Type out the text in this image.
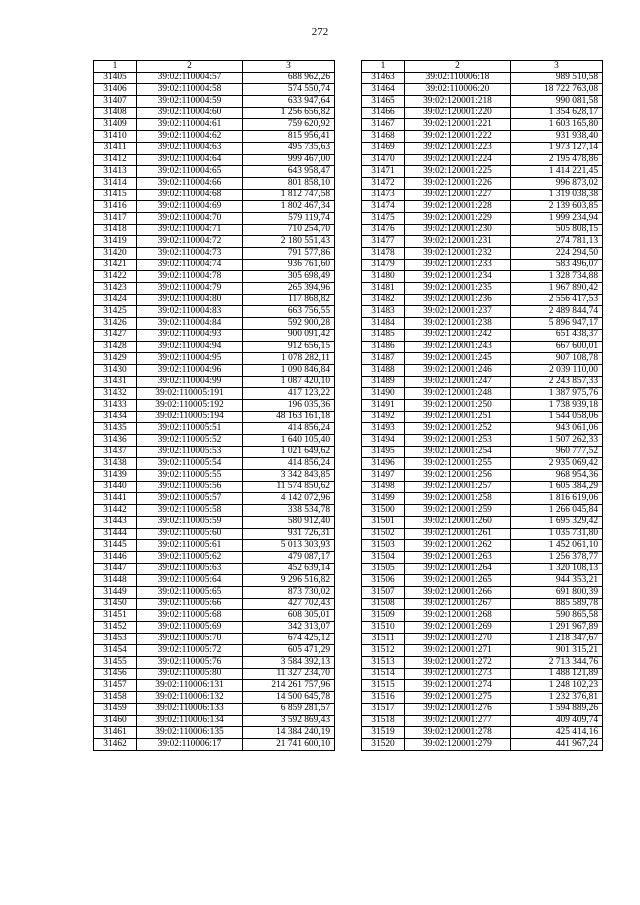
272
1	2	3
31405	39:02:110004:57	688 962,26
31406	39:02:110004:58	574 550,74
31407	39:02:110004:59	633 947,64
31408	39:02:110004:60	1 256 656,82
31409	39:02:110004:61	759 620,92
31410	39:02:110004:62	815 956,41
31411	39:02:110004:63	495 735,63
31412	39:02:110004:64	999 467,00
31413	39:02:110004:65	643 958,47
31414	39:02:110004:66	801 858,10
31415	39:02:110004:68	1 812 747,58
31416	39:02:110004:69	1 802 467,34
31417	39:02:110004:70	579 119,74
31418	39:02:110004:71	710 254,70
31419	39:02:110004:72	2 180 551,43
31420	39:02:110004:73	791 577,86
31421	39:02:110004:74	936 761,60
31422	39:02:110004:78	305 698,49
31423	39:02:110004:79	265 394,96
31424	39:02:110004:80	117 868,82
31425	39:02:110004:83	663 756,55
31426	39:02:110004:84	592 900,28
31427	39:02:110004:93	900 091,42
31428	39:02:110004:94	912 656,15
31429	39:02:110004:95	1 078 282,11
31430	39:02:110004:96	1 090 846,84
31431	39:02:110004:99	1 087 420,10
31432	39:02:110005:191	417 123,22
31433	39:02:110005:192	196 035,36
31434	39:02:110005:194	48 163 161,18
31435	39:02:110005:51	414 856,24
31436	39:02:110005:52	1 640 105,40
31437	39:02:110005:53	1 021 649,62
31438	39:02:110005:54	414 856,24
31439	39:02:110005:55	3 342 843,85
31440	39:02:110005:56	11 574 850,62
31441	39:02:110005:57	4 142 072,96
31442	39:02:110005:58	338 534,78
31443	39:02:110005:59	580 912,40
31444	39:02:110005:60	931 726,31
31445	39:02:110005:61	5 013 303,93
31446	39:02:110005:62	479 087,17
31447	39:02:110005:63	452 639,14
31448	39:02:110005:64	9 296 516,82
31449	39:02:110005:65	873 730,02
31450	39:02:110005:66	427 702,43
31451	39:02:110005:68	608 305,01
31452	39:02:110005:69	342 313,07
31453	39:02:110005:70	674 425,12
31454	39:02:110005:72	605 471,29
31455	39:02:110005:76	3 584 392,13
31456	39:02:110005:80	11 327 234,70
31457	39:02:110006:131	214 261 757,96
31458	39:02:110006:132	14 500 645,78
31459	39:02:110006:133	6 859 281,57
31460	39:02:110006:134	3 592 869,43
31461	39:02:110006:135	14 384 240,19
31462	39:02:110006:17	21 741 600,10
1	2	3
31463	39:02:110006:18	989 510,58
31464	39:02:110006:20	18 722 763,08
31465	39:02:120001:218	990 081,58
31466	39:02:120001:220	1 354 628,17
31467	39:02:120001:221	1 603 165,80
31468	39:02:120001:222	931 938,40
31469	39:02:120001:223	1 973 127,14
31470	39:02:120001:224	2 195 478,86
31471	39:02:120001:225	1 414 221,45
31472	39:02:120001:226	996 873,02
31473	39:02:120001:227	1 319 038,38
31474	39:02:120001:228	2 139 603,85
31475	39:02:120001:229	1 999 234,94
31476	39:02:120001:230	505 808,15
31477	39:02:120001:231	274 781,13
31478	39:02:120001:232	224 294,50
31479	39:02:120001:233	583 496,07
31480	39:02:120001:234	1 328 734,88
31481	39:02:120001:235	1 967 890,42
31482	39:02:120001:236	2 556 417,53
31483	39:02:120001:237	2 489 844,74
31484	39:02:120001:238	5 896 947,17
31485	39:02:120001:242	651 438,37
31486	39:02:120001:243	667 600,01
31487	39:02:120001:245	907 108,78
31488	39:02:120001:246	2 039 110,00
31489	39:02:120001:247	2 243 857,33
31490	39:02:120001:248	1 387 975,76
31491	39:02:120001:250	1 738 939,18
31492	39:02:120001:251	1 544 058,06
31493	39:02:120001:252	943 061,06
31494	39:02:120001:253	1 507 262,33
31495	39:02:120001:254	960 777,52
31496	39:02:120001:255	2 935 069,42
31497	39:02:120001:256	968 954,36
31498	39:02:120001:257	1 605 384,29
31499	39:02:120001:258	1 816 619,06
31500	39:02:120001:259	1 266 045,84
31501	39:02:120001:260	1 695 329,42
31502	39:02:120001:261	1 035 731,80
31503	39:02:120001:262	1 452 061,10
31504	39:02:120001:263	1 256 378,77
31505	39:02:120001:264	1 320 108,13
31506	39:02:120001:265	944 353,21
31507	39:02:120001:266	691 800,39
31508	39:02:120001:267	885 589,78
31509	39:02:120001:268	590 865,58
31510	39:02:120001:269	1 291 967,89
31511	39:02:120001:270	1 218 347,67
31512	39:02:120001:271	901 315,21
31513	39:02:120001:272	2 713 344,76
31514	39:02:120001:273	1 488 121,89
31515	39:02:120001:274	1 248 102,23
31516	39:02:120001:275	1 232 376,81
31517	39:02:120001:276	1 594 889,26
31518	39:02:120001:277	409 409,74
31519	39:02:120001:278	425 414,16
31520	39:02:120001:279	441 967,24
